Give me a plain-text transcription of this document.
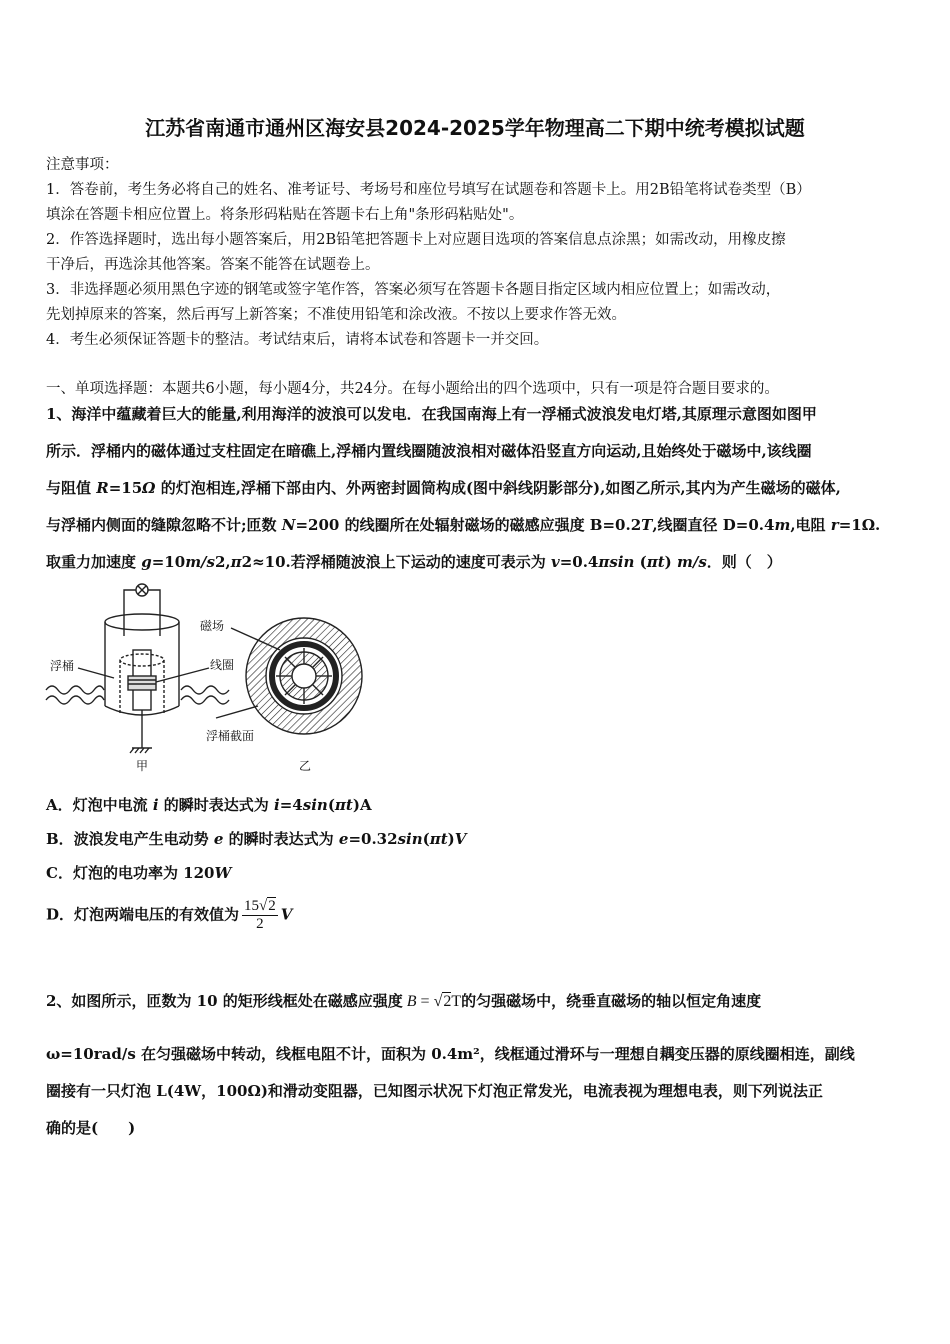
江苏省南通市通州区海安县2024-2025学年物理高二下期中统考模拟试题
注意事项：
1．答卷前，考生务必将自己的姓名、准考证号、考场号和座位号填写在试题卷和答题卡上。用2B铅笔将试卷类型（B）
填涂在答题卡相应位置上。将条形码粘贴在答题卡右上角"条形码粘贴处"。
2．作答选择题时，选出每小题答案后，用2B铅笔把答题卡上对应题目选项的答案信息点涂黑；如需改动，用橡皮擦
干净后，再选涂其他答案。答案不能答在试题卷上。
3．非选择题必须用黑色字迹的钢笔或签字笔作答，答案必须写在答题卡各题目指定区域内相应位置上；如需改动，
先划掉原来的答案，然后再写上新答案；不准使用铅笔和涂改液。不按以上要求作答无效。
4．考生必须保证答题卡的整洁。考试结束后，请将本试卷和答题卡一并交回。
一、单项选择题：本题共6小题，每小题4分，共24分。在每小题给出的四个选项中，只有一项是符合题目要求的。
1、海洋中蕴藏着巨大的能量,利用海洋的波浪可以发电．在我国南海上有一浮桶式波浪发电灯塔,其原理示意图如图甲
所示．浮桶内的磁体通过支柱固定在暗礁上,浮桶内置线圈随波浪相对磁体沿竖直方向运动,且始终处于磁场中,该线圈
与阻值 R=15Ω 的灯泡相连,浮桶下部由内、外两密封圆筒构成(图中斜线阴影部分),如图乙所示,其内为产生磁场的磁体,
与浮桶内侧面的缝隙忽略不计;匝数 N=200 的线圈所在处辐射磁场的磁感应强度 B=0.2T,线圈直径 D=0.4m,电阻 r=1Ω.
取重力加速度 g=10m/s2,π2≈10.若浮桶随波浪上下运动的速度可表示为 v=0.4πsin (πt) m/s．则（　）
浮桶	线圈
甲
磁场
浮桶截面
乙
A．灯泡中电流 i 的瞬时表达式为 i=4sin(πt)A
B．波浪发电产生电动势 e 的瞬时表达式为 e=0.32sin(πt)V
C．灯泡的电功率为 120W
D．灯泡两端电压的有效值为 $\frac{15√2}{2}$ V
2、如图所示，匝数为 10 的矩形线框处在磁感应强度 B = √2T的匀强磁场中，绕垂直磁场的轴以恒定角速度
ω=10rad/s 在匀强磁场中转动，线框电阻不计，面积为 0.4m²，线框通过滑环与一理想自耦变压器的原线圈相连，副线
圈接有一只灯泡 L(4W，100Ω)和滑动变阻器，已知图示状况下灯泡正常发光，电流表视为理想电表，则下列说法正
确的是(　　)
